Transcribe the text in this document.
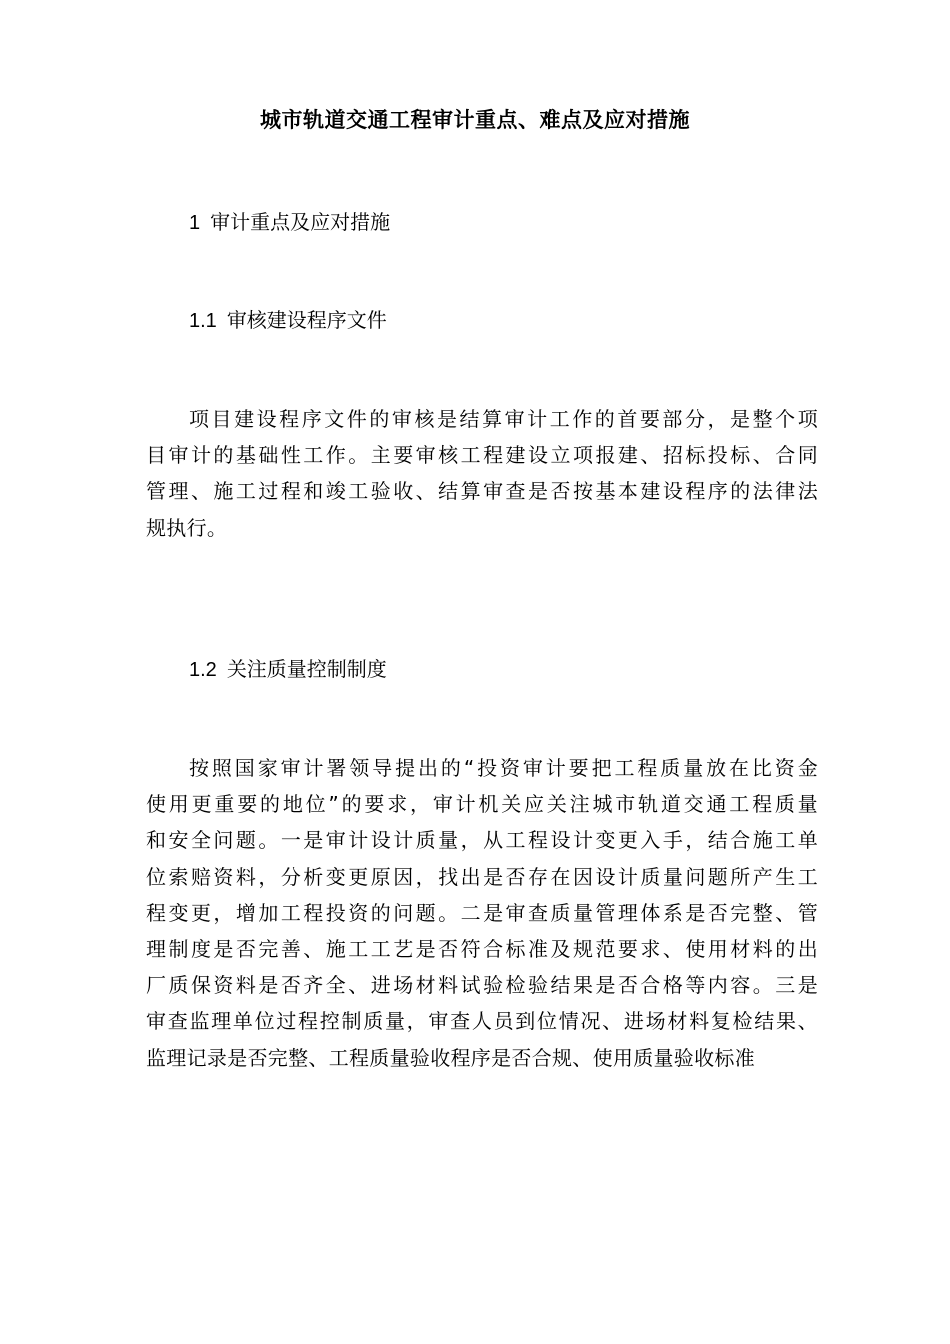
城市轨道交通工程审计重点、难点及应对措施
1 审计重点及应对措施
1.1 审核建设程序文件
项目建设程序文件的审核是结算审计工作的首要部分，是整个项
目审计的基础性工作。主要审核工程建设立项报建、招标投标、合同
管理、施工过程和竣工验收、结算审查是否按基本建设程序的法律法
规执行。
1.2 关注质量控制制度
按照国家审计署领导提出的“投资审计要把工程质量放在比资金
使用更重要的地位”的要求，审计机关应关注城市轨道交通工程质量
和安全问题。一是审计设计质量，从工程设计变更入手，结合施工单
位索赔资料，分析变更原因，找出是否存在因设计质量问题所产生工
程变更，增加工程投资的问题。二是审查质量管理体系是否完整、管
理制度是否完善、施工工艺是否符合标准及规范要求、使用材料的出
厂质保资料是否齐全、进场材料试验检验结果是否合格等内容。三是
审查监理单位过程控制质量，审查人员到位情况、进场材料复检结果、
监理记录是否完整、工程质量验收程序是否合规、使用质量验收标准
